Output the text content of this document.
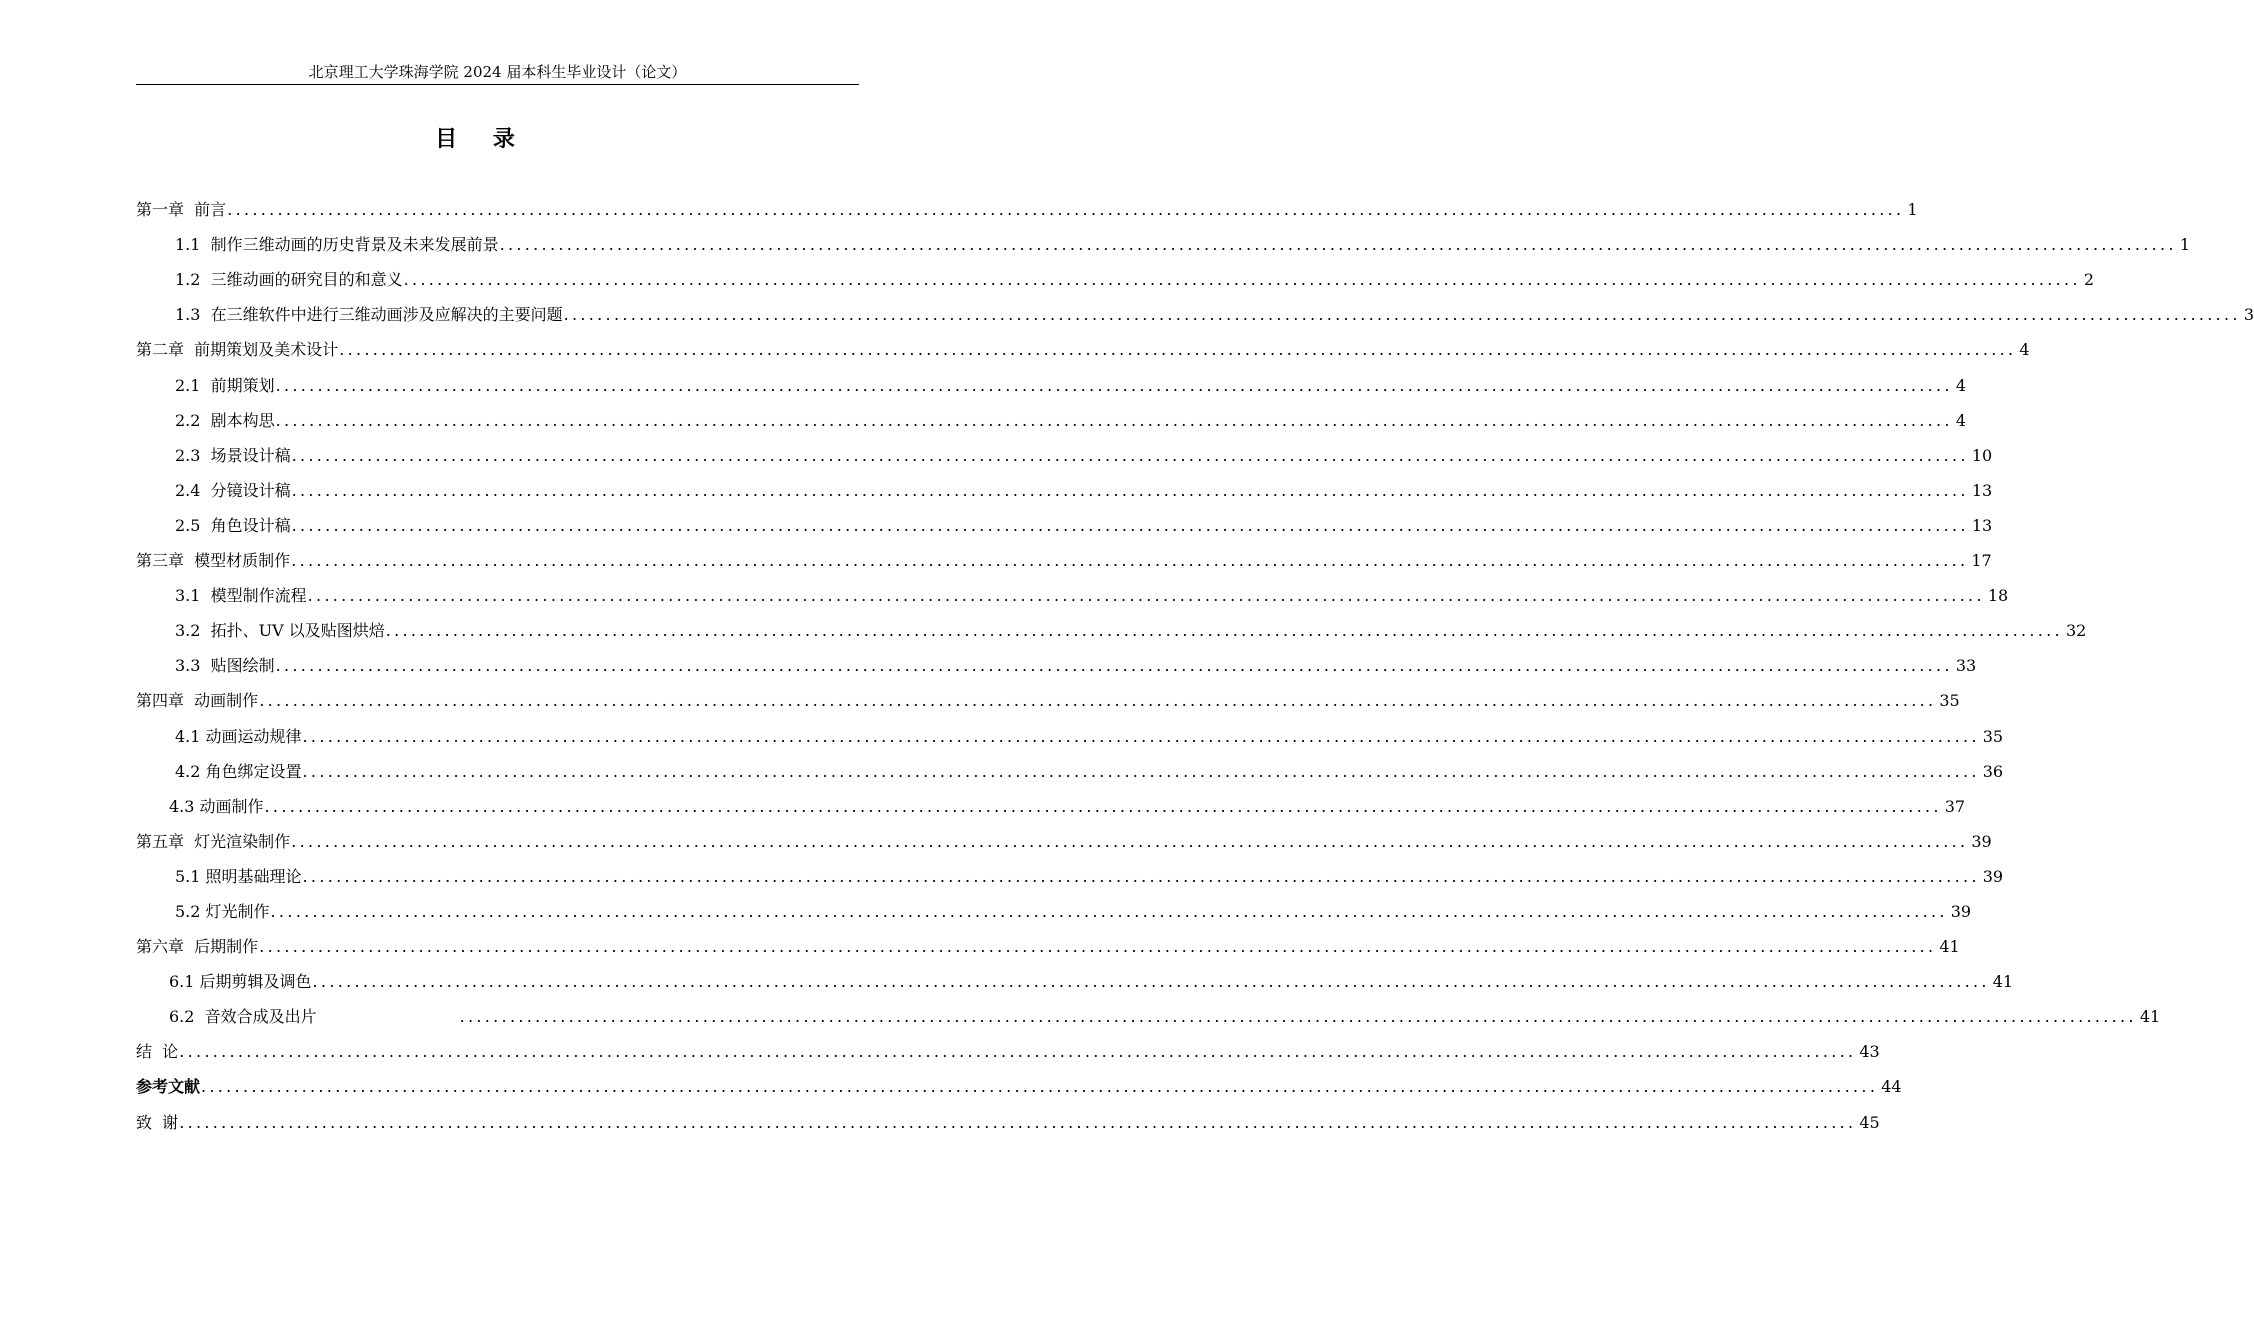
北京理工大学珠海学院 2024 届本科生毕业设计（论文）
目 录
第一章  前言 ........................................................................................................................................................................................................ 1
1.1  制作三维动画的历史背景及未来发展前景 ........................................................................................................................................................................................................ 1
1.2  三维动画的研究目的和意义 ........................................................................................................................................................................................................ 2
1.3  在三维软件中进行三维动画涉及应解决的主要问题 ........................................................................................................................................................................................................ 3
第二章  前期策划及美术设计 ........................................................................................................................................................................................................ 4
2.1  前期策划 ........................................................................................................................................................................................................ 4
2.2  剧本构思 ........................................................................................................................................................................................................ 4
2.3  场景设计稿 ........................................................................................................................................................................................................ 10
2.4  分镜设计稿 ........................................................................................................................................................................................................ 13
2.5  角色设计稿 ........................................................................................................................................................................................................ 13
第三章  模型材质制作 ........................................................................................................................................................................................................ 17
3.1  模型制作流程 ........................................................................................................................................................................................................ 18
3.2  拓扑、UV 以及贴图烘焙 ........................................................................................................................................................................................................ 32
3.3  贴图绘制 ........................................................................................................................................................................................................ 33
第四章  动画制作 ........................................................................................................................................................................................................ 35
4.1 动画运动规律 ........................................................................................................................................................................................................ 35
4.2 角色绑定设置 ........................................................................................................................................................................................................ 36
4.3 动画制作 ........................................................................................................................................................................................................ 37
第五章  灯光渲染制作 ........................................................................................................................................................................................................ 39
5.1 照明基础理论 ........................................................................................................................................................................................................ 39
5.2 灯光制作 ........................................................................................................................................................................................................ 39
第六章  后期制作 ........................................................................................................................................................................................................ 41
6.1 后期剪辑及调色 ........................................................................................................................................................................................................ 41
6.2  音效合成及出片	........................................................................................................................................................................................................ 41
结  论 ........................................................................................................................................................................................................ 43
参考文献 ........................................................................................................................................................................................................ 44
致  谢 ........................................................................................................................................................................................................ 45
